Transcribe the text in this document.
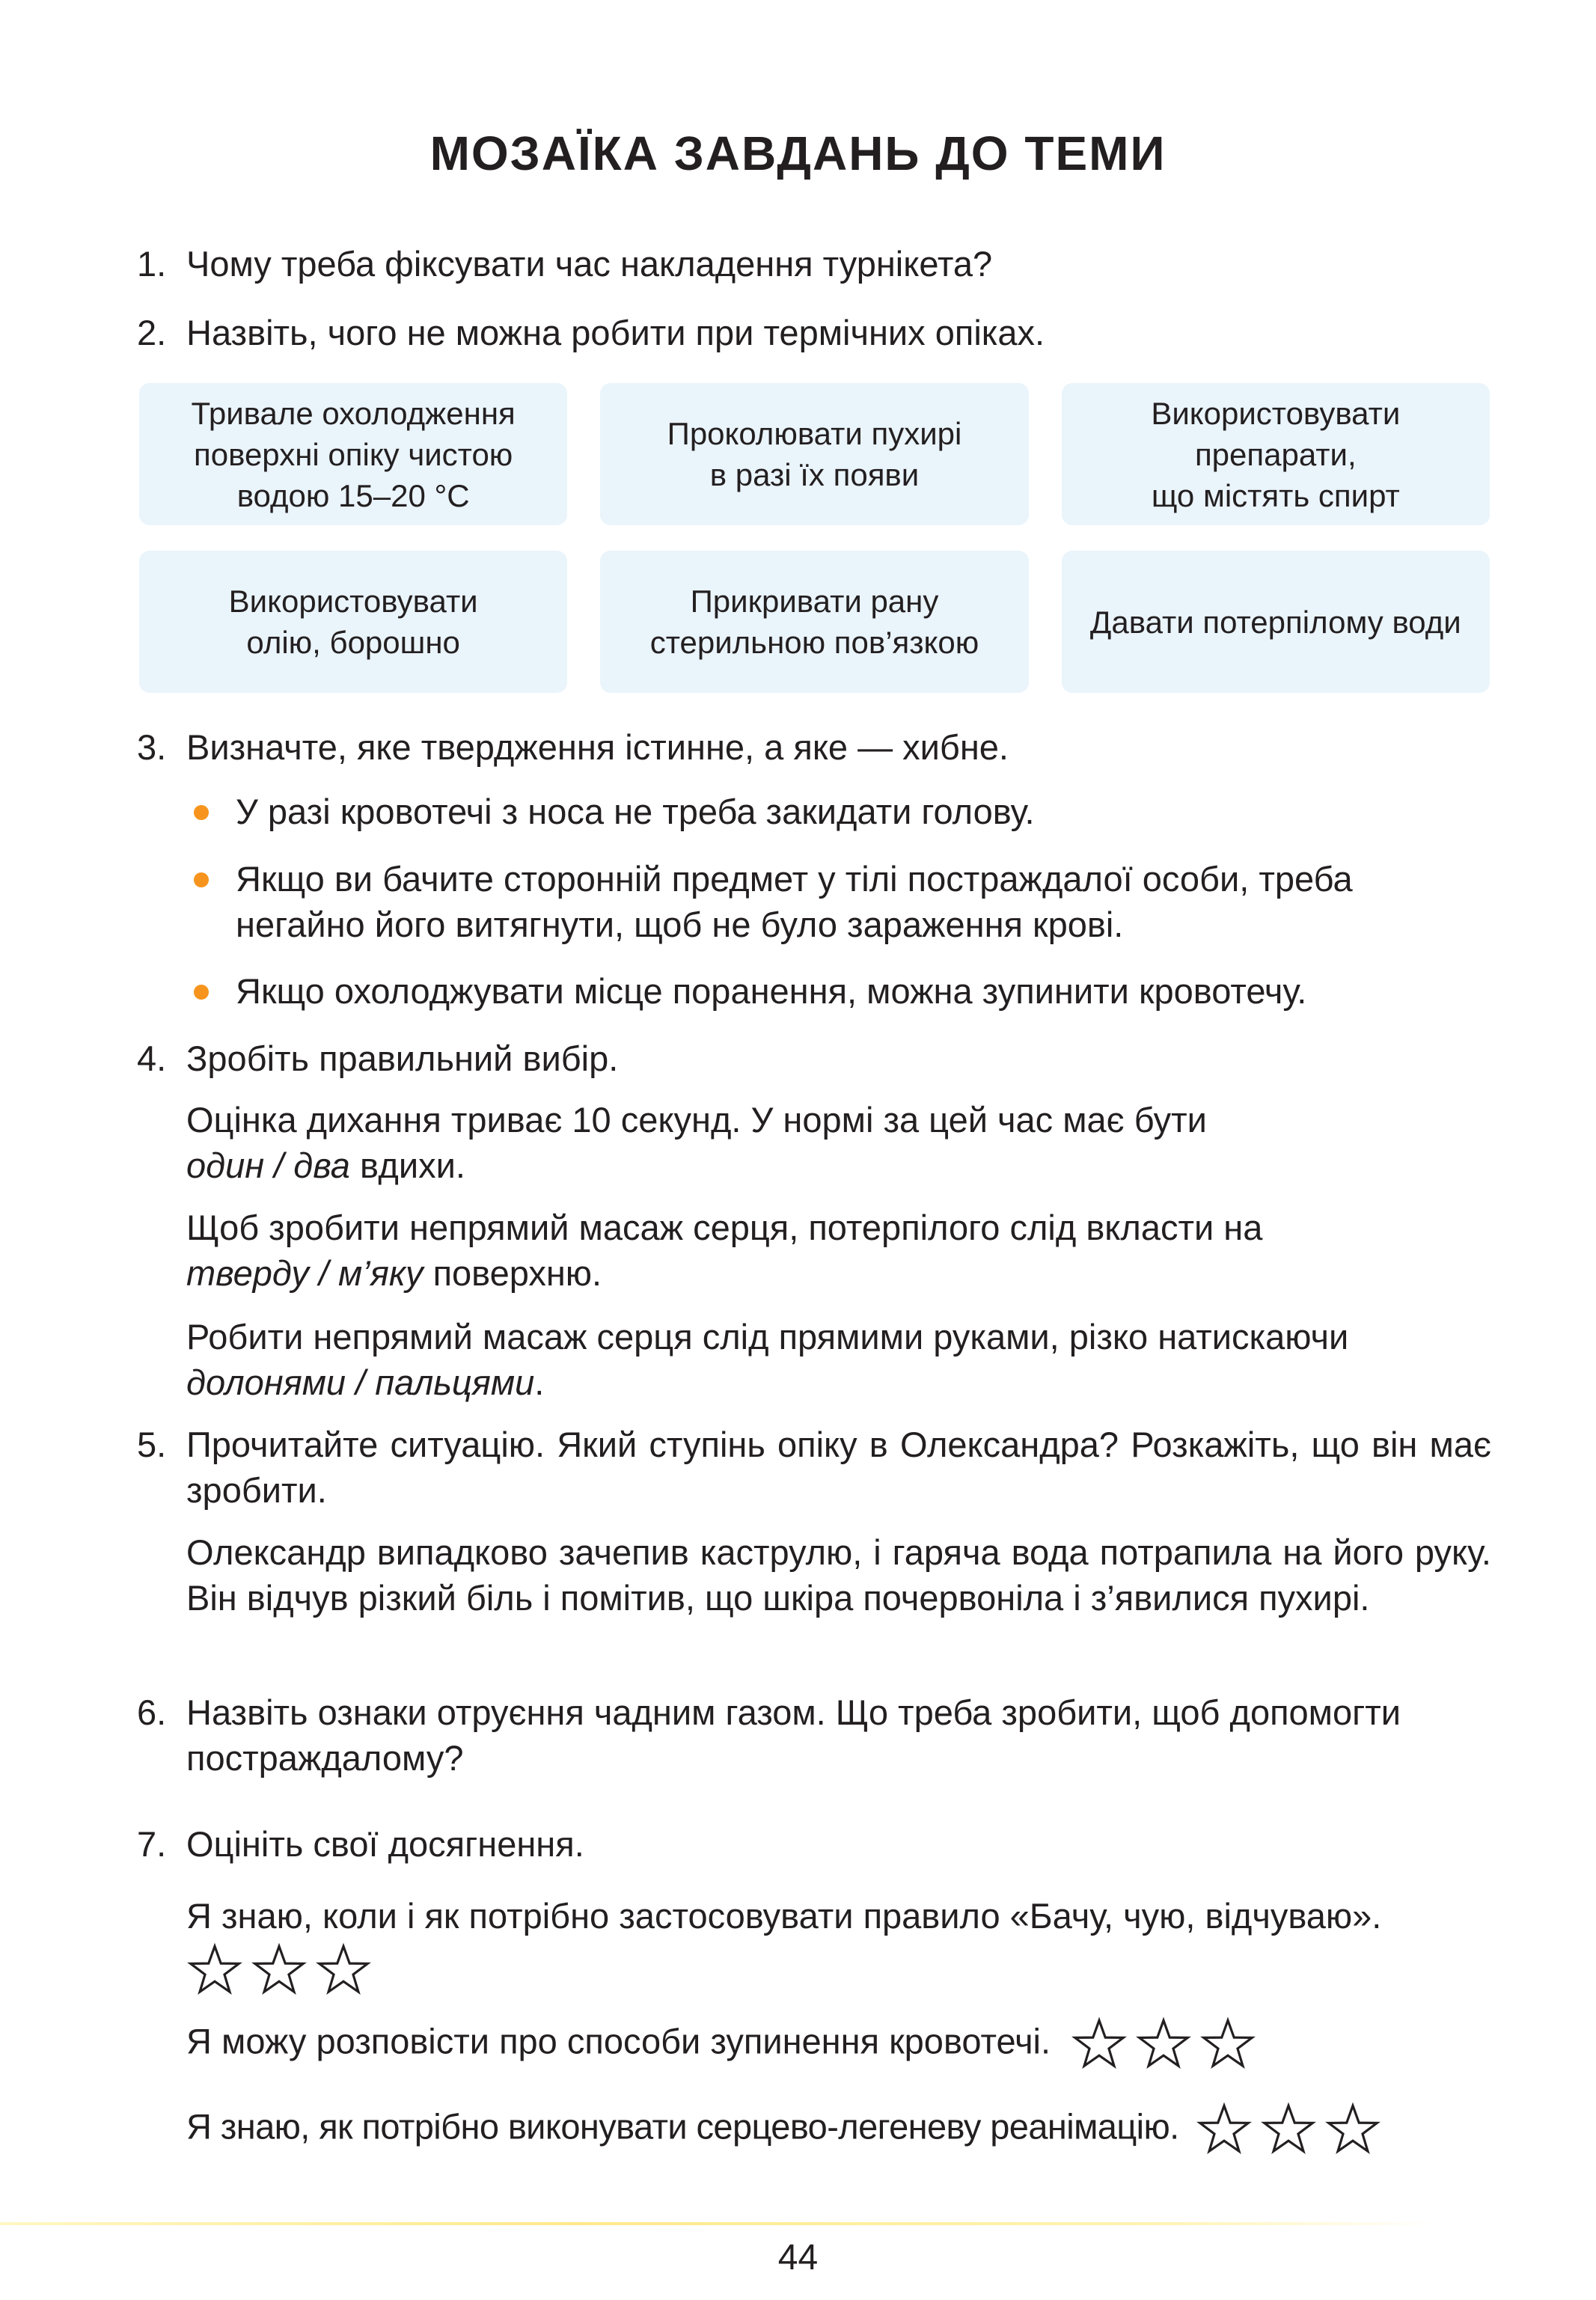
МОЗАЇКА ЗАВДАНЬ ДО ТЕМИ
1. Чому треба фіксувати час накладення турнікета?
2. Назвіть, чого не можна робити при термічних опіках.
Тривале охолодження
поверхні опіку чистою
водою 15–20 °С
Проколювати пухирі
в разі їх появи
Використовувати
препарати,
що містять спирт
Використовувати
олію, борошно
Прикривати рану
стерильною пов’язкою
Давати потерпілому води
3. Визначте, яке твердження істинне, а яке — хибне.
У разі кровотечі з носа не треба закидати голову.
Якщо ви бачите сторонній предмет у тілі постраждалої особи, треба негайно його витягнути, щоб не було зараження крові.
Якщо охолоджувати місце поранення, можна зупинити кровотечу.
4. Зробіть правильний вибір.
Оцінка дихання триває 10 секунд. У нормі за цей час має бути
один / два вдихи.
Щоб зробити непрямий масаж серця, потерпілого слід вкласти на
тверду / м’яку поверхню.
Робити непрямий масаж серця слід прямими руками, різко натискаючи
долонями / пальцями.
5. Прочитайте ситуацію. Який ступінь опіку в Олександра? Розкажіть, що він має зробити.
Олександр випадково зачепив каструлю, і гаряча вода потрапила на його руку. Він відчув різкий біль і помітив, що шкіра почервоніла і з’явилися пухирі.
6. Назвіть ознаки отруєння чадним газом. Що треба зробити, щоб допомогти постраждалому?
7. Оцініть свої досягнення.
Я знаю, коли і як потрібно застосовувати правило «Бачу, чую, відчуваю».

Я можу розповісти про способи зупинення кровотечі.
Я знаю, як потрібно виконувати серцево-легеневу реанімацію.
44
